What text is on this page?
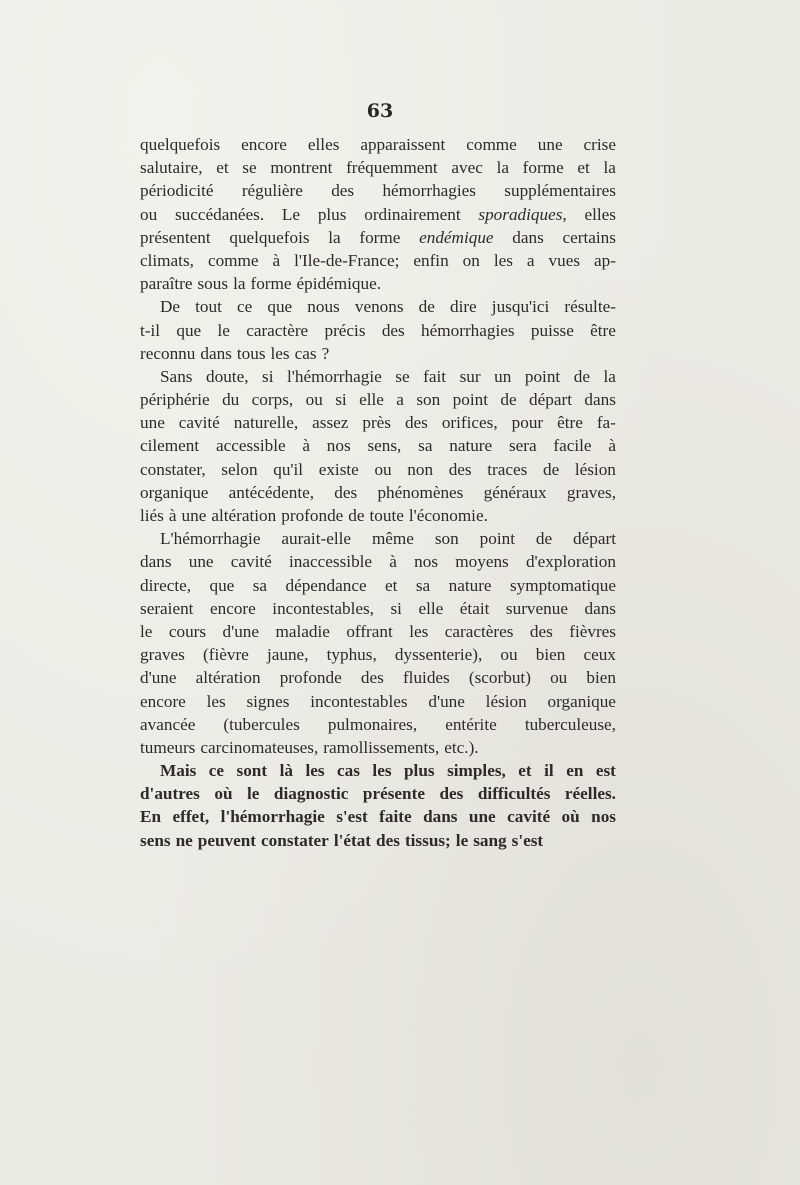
63
quelquefois encore elles apparaissent comme une crise
salutaire, et se montrent fréquemment avec la forme et la
périodicité régulière des hémorrhagies supplémentaires
ou succédanées. Le plus ordinairement sporadiques, elles
présentent quelquefois la forme endémique dans certains
climats, comme à l'Ile-de-France; enfin on les a vues ap-
paraître sous la forme épidémique.
De tout ce que nous venons de dire jusqu'ici résulte-
t-il que le caractère précis des hémorrhagies puisse être
reconnu dans tous les cas ?
Sans doute, si l'hémorrhagie se fait sur un point de la
périphérie du corps, ou si elle a son point de départ dans
une cavité naturelle, assez près des orifices, pour être fa-
cilement accessible à nos sens, sa nature sera facile à
constater, selon qu'il existe ou non des traces de lésion
organique antécédente, des phénomènes généraux graves,
liés à une altération profonde de toute l'économie.
L'hémorrhagie aurait-elle même son point de départ
dans une cavité inaccessible à nos moyens d'exploration
directe, que sa dépendance et sa nature symptomatique
seraient encore incontestables, si elle était survenue dans
le cours d'une maladie offrant les caractères des fièvres
graves (fièvre jaune, typhus, dyssenterie), ou bien ceux
d'une altération profonde des fluides (scorbut) ou bien
encore les signes incontestables d'une lésion organique
avancée (tubercules pulmonaires, entérite tuberculeuse,
tumeurs carcinomateuses, ramollissements, etc.).
Mais ce sont là les cas les plus simples, et il en est
d'autres où le diagnostic présente des difficultés réelles.
En effet, l'hémorrhagie s'est faite dans une cavité où nos
sens ne peuvent constater l'état des tissus; le sang s'est
